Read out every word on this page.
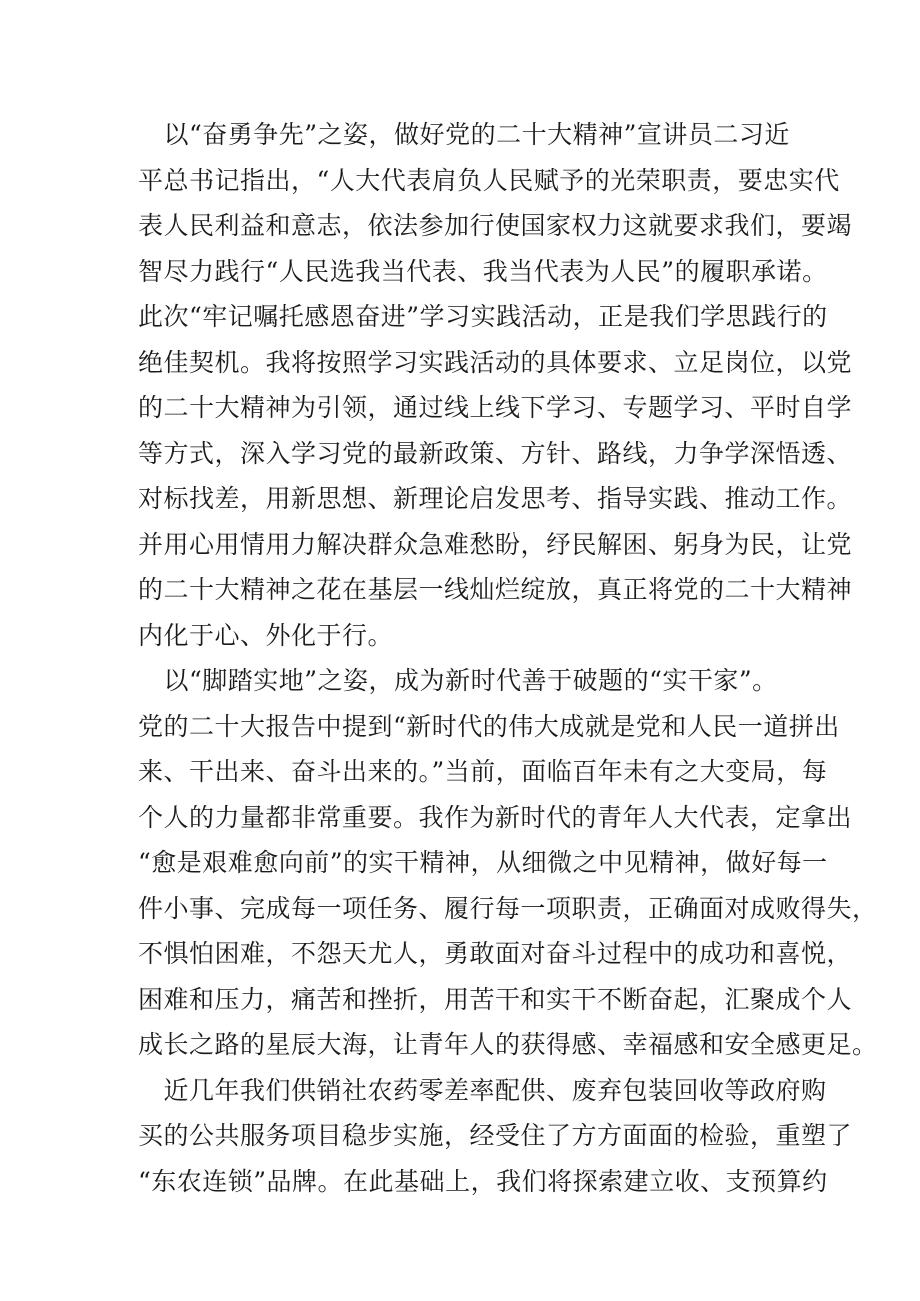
　以“奋勇争先”之姿，做好党的二十大精神”宣讲员二习近
平总书记指出，“人大代表肩负人民赋予的光荣职责，要忠实代
表人民利益和意志，依法参加行使国家权力这就要求我们，要竭
智尽力践行“人民选我当代表、我当代表为人民”的履职承诺。
此次“牢记嘱托感恩奋进”学习实践活动，正是我们学思践行的
绝佳契机。我将按照学习实践活动的具体要求、立足岗位，以党
的二十大精神为引领，通过线上线下学习、专题学习、平时自学
等方式，深入学习党的最新政策、方针、路线，力争学深悟透、
对标找差，用新思想、新理论启发思考、指导实践、推动工作。
并用心用情用力解决群众急难愁盼，纾民解困、躬身为民，让党
的二十大精神之花在基层一线灿烂绽放，真正将党的二十大精神
内化于心、外化于行。
　以“脚踏实地”之姿，成为新时代善于破题的“实干家”。
党的二十大报告中提到“新时代的伟大成就是党和人民一道拼出
来、干出来、奋斗出来的。”当前，面临百年未有之大变局，每
个人的力量都非常重要。我作为新时代的青年人大代表，定拿出
“愈是艰难愈向前”的实干精神，从细微之中见精神，做好每一
件小事、完成每一项任务、履行每一项职责，正确面对成败得失，
不惧怕困难，不怨天尤人，勇敢面对奋斗过程中的成功和喜悦，
困难和压力，痛苦和挫折，用苦干和实干不断奋起，汇聚成个人
成长之路的星辰大海，让青年人的获得感、幸福感和安全感更足。
　近几年我们供销社农药零差率配供、废弃包装回收等政府购
买的公共服务项目稳步实施，经受住了方方面面的检验，重塑了
“东农连锁”品牌。在此基础上，我们将探索建立收、支预算约
